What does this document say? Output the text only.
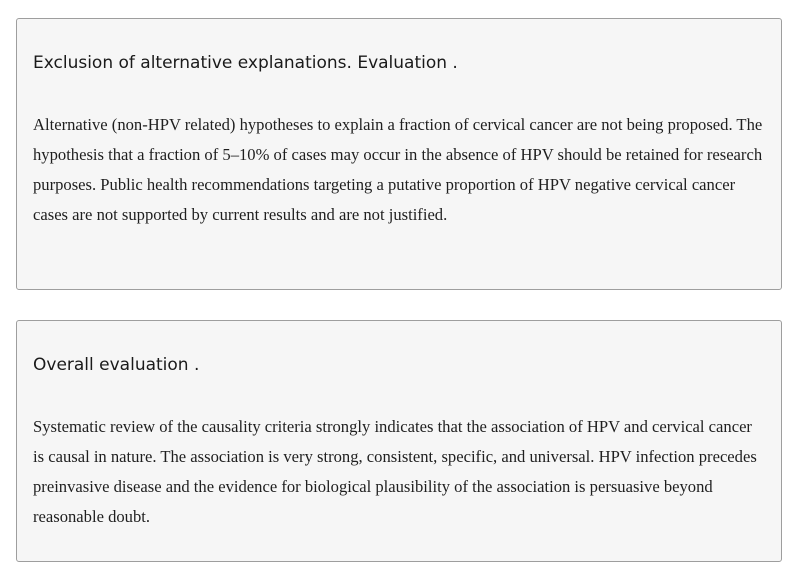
Exclusion of alternative explanations. Evaluation .

Alternative (non-HPV related) hypotheses to explain a fraction of cervical cancer are not being proposed. The hypothesis that a fraction of 5–10% of cases may occur in the absence of HPV should be retained for research purposes. Public health recommendations targeting a putative proportion of HPV negative cervical cancer cases are not supported by current results and are not justified.

Overall evaluation .

Systematic review of the causality criteria strongly indicates that the association of HPV and cervical cancer is causal in nature. The association is very strong, consistent, specific, and universal. HPV infection precedes preinvasive disease and the evidence for biological plausibility of the association is persuasive beyond reasonable doubt.
